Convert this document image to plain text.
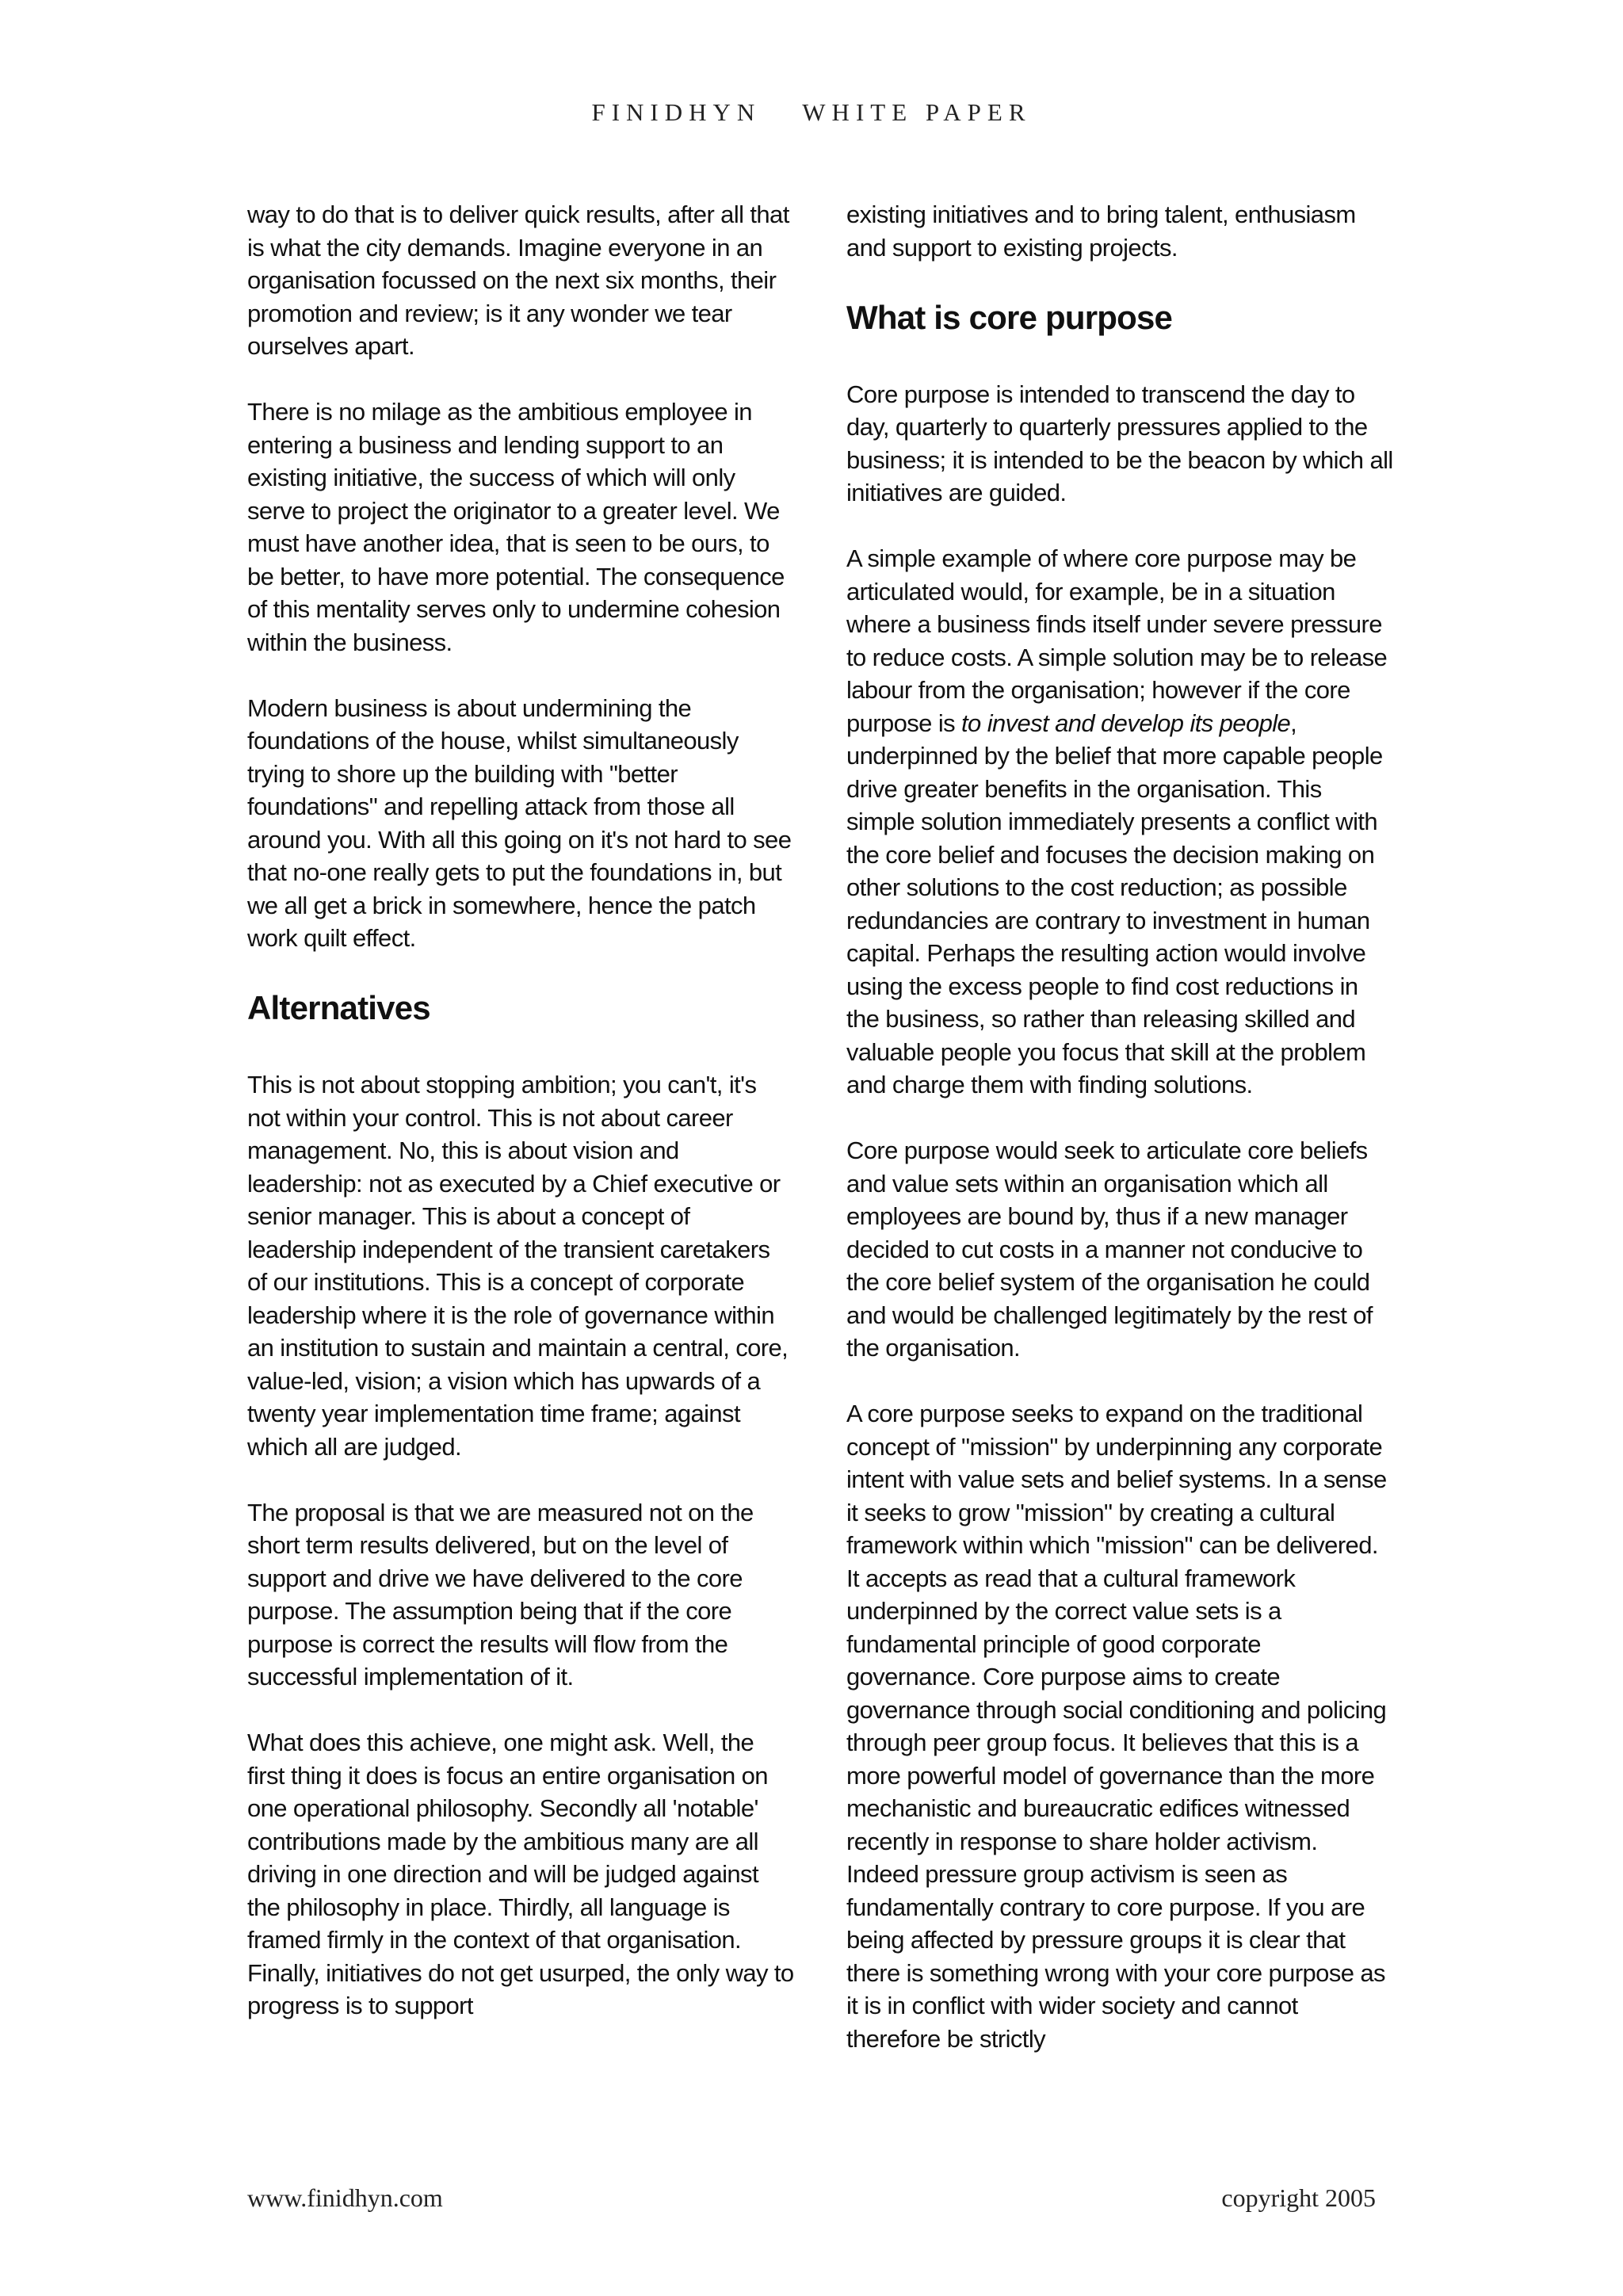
FINIDHYN WHITE PAPER

way to do that is to deliver quick results, after all that is what the city demands. Imagine everyone in an organisation focussed on the next six months, their promotion and review; is it any wonder we tear ourselves apart.

There is no milage as the ambitious employee in entering a business and lending support to an existing initiative, the success of which will only serve to project the originator to a greater level. We must have another idea, that is seen to be ours, to be better, to have more potential. The consequence of this mentality serves only to undermine cohesion within the business.

Modern business is about undermining the foundations of the house, whilst simultaneously trying to shore up the building with "better foundations" and repelling attack from those all around you. With all this going on it's not hard to see that no-one really gets to put the foundations in, but we all get a brick in somewhere, hence the patch work quilt effect.

Alternatives

This is not about stopping ambition; you can't, it's not within your control. This is not about career management. No, this is about vision and leadership: not as executed by a Chief executive or senior manager. This is about a concept of leadership independent of the transient caretakers of our institutions. This is a concept of corporate leadership where it is the role of governance within an institution to sustain and maintain a central, core, value-led, vision; a vision which has upwards of a twenty year implementation time frame; against which all are judged.

The proposal is that we are measured not on the short term results delivered, but on the level of support and drive we have delivered to the core purpose. The assumption being that if the core purpose is correct the results will flow from the successful implementation of it.

What does this achieve, one might ask. Well, the first thing it does is focus an entire organisation on one operational philosophy. Secondly all 'notable' contributions made by the ambitious many are all driving in one direction and will be judged against the philosophy in place. Thirdly, all language is framed firmly in the context of that organisation. Finally, initiatives do not get usurped, the only way to progress is to support

existing initiatives and to bring talent, enthusiasm and support to existing projects.

What is core purpose

Core purpose is intended to transcend the day to day, quarterly to quarterly pressures applied to the business; it is intended to be the beacon by which all initiatives are guided.

A simple example of where core purpose may be articulated would, for example, be in a situation where a business finds itself under severe pressure to reduce costs. A simple solution may be to release labour from the organisation; however if the core purpose is to invest and develop its people, underpinned by the belief that more capable people drive greater benefits in the organisation. This simple solution immediately presents a conflict with the core belief and focuses the decision making on other solutions to the cost reduction; as possible redundancies are contrary to investment in human capital. Perhaps the resulting action would involve using the excess people to find cost reductions in the business, so rather than releasing skilled and valuable people you focus that skill at the problem and charge them with finding solutions.

Core purpose would seek to articulate core beliefs and value sets within an organisation which all employees are bound by, thus if a new manager decided to cut costs in a manner not conducive to the core belief system of the organisation he could and would be challenged legitimately by the rest of the organisation.

A core purpose seeks to expand on the traditional concept of "mission" by underpinning any corporate intent with value sets and belief systems. In a sense it seeks to grow "mission" by creating a cultural framework within which "mission" can be delivered. It accepts as read that a cultural framework underpinned by the correct value sets is a fundamental principle of good corporate governance. Core purpose aims to create governance through social conditioning and policing through peer group focus. It believes that this is a more powerful model of governance than the more mechanistic and bureaucratic edifices witnessed recently in response to share holder activism. Indeed pressure group activism is seen as fundamentally contrary to core purpose. If you are being affected by pressure groups it is clear that there is something wrong with your core purpose as it is in conflict with wider society and cannot therefore be strictly

www.finidhyn.com	copyright 2005
